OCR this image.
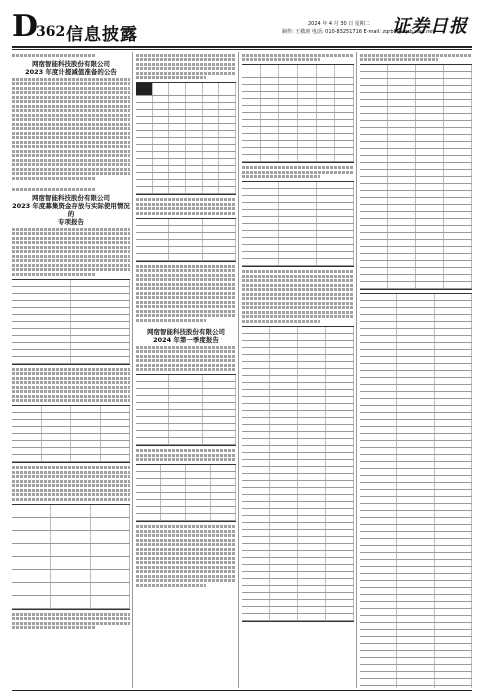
D
362 信息披露
2024 年 4 月 30 日 星期二
制作: 王敬涛 电话: 010-83251716 E-mail: zqrb9@zqrb.sina.net
证券日报
网宿智能科技股份有限公司
2023 年度计提减值准备的公告
网宿智能科技股份有限公司
2023 年度募集资金存放与实际使用情况的
专项报告
网宿智能科技股份有限公司
2024 年第一季度报告
